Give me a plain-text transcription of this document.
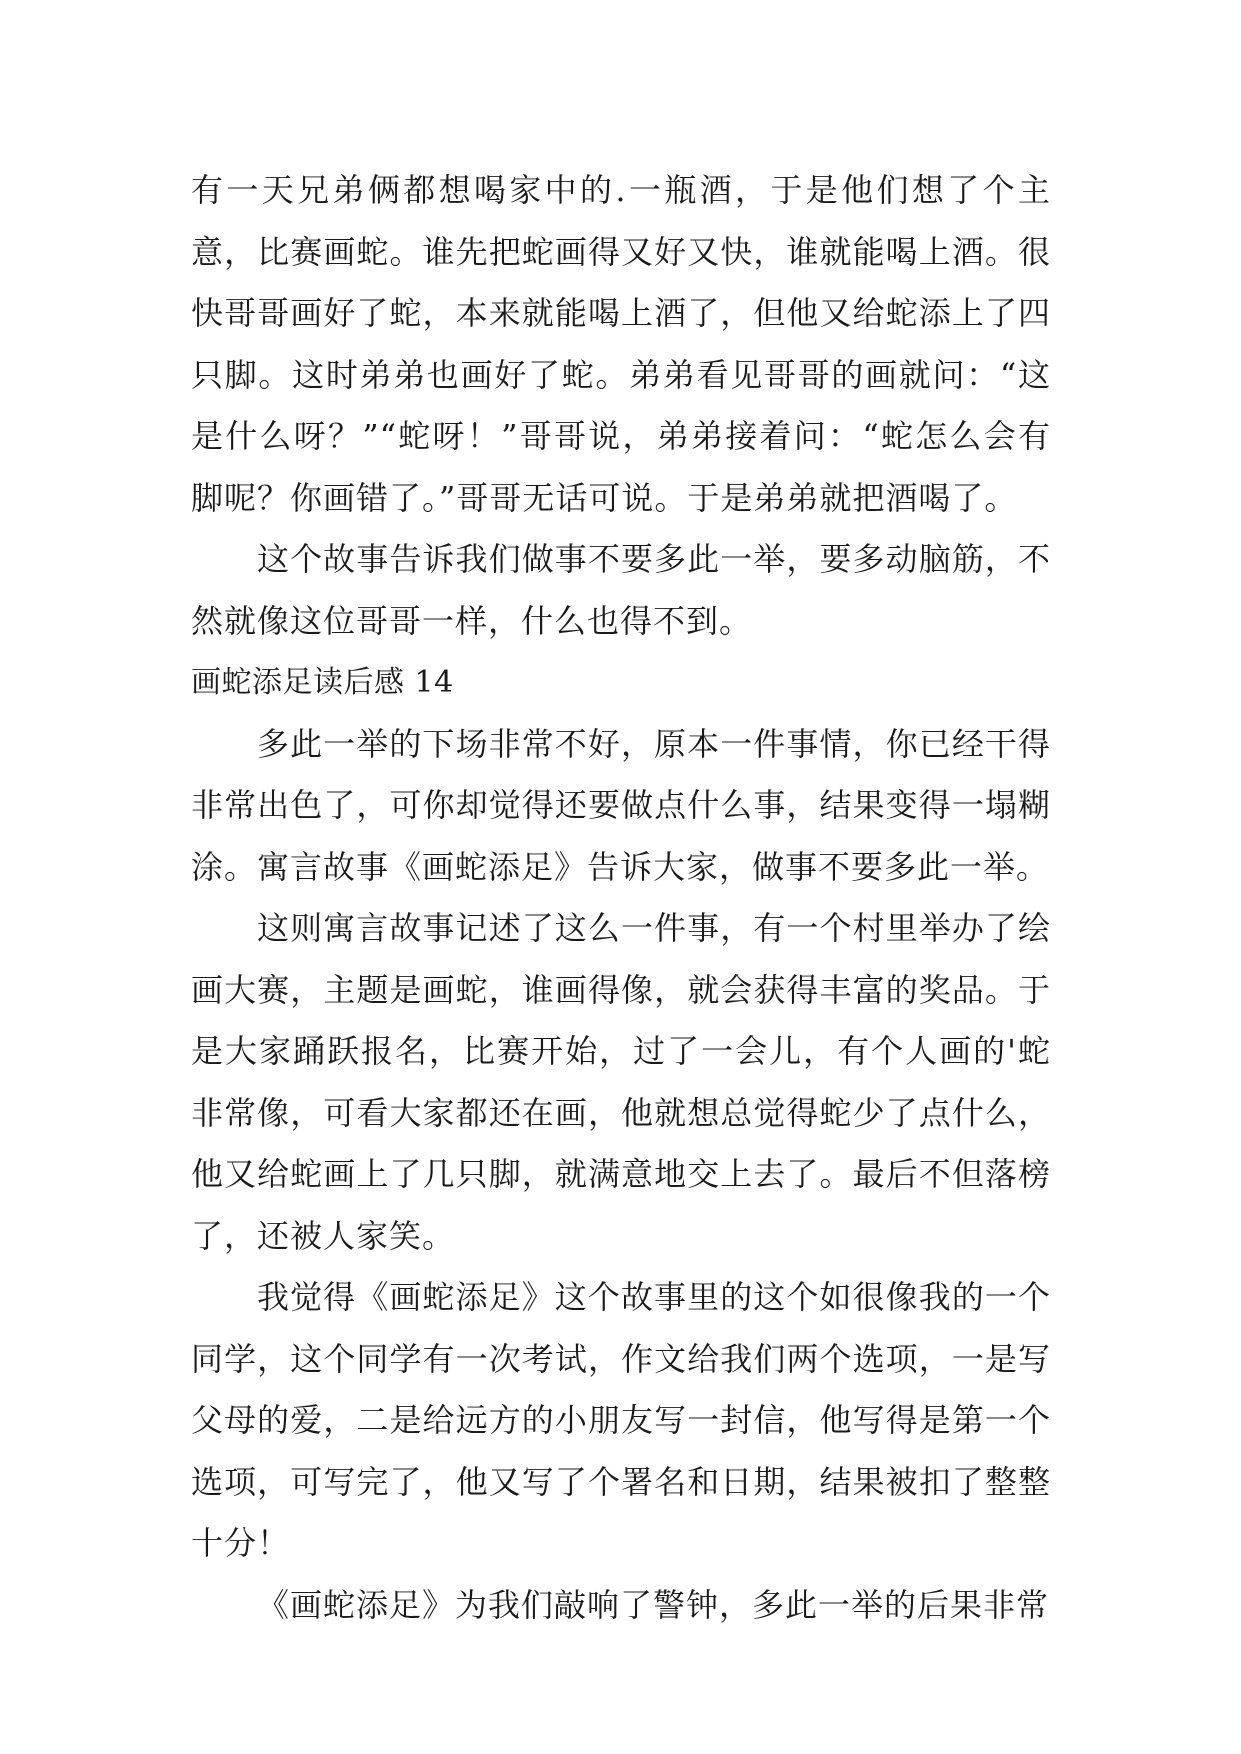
有一天兄弟俩都想喝家中的.一瓶酒，于是他们想了个主意，比赛画蛇。谁先把蛇画得又好又快，谁就能喝上酒。很快哥哥画好了蛇，本来就能喝上酒了，但他又给蛇添上了四只脚。这时弟弟也画好了蛇。弟弟看见哥哥的画就问：“这是什么呀？”“蛇呀！”哥哥说，弟弟接着问：“蛇怎么会有脚呢？你画错了。”哥哥无话可说。于是弟弟就把酒喝了。

这个故事告诉我们做事不要多此一举，要多动脑筋，不然就像这位哥哥一样，什么也得不到。

画蛇添足读后感 14

多此一举的下场非常不好，原本一件事情，你已经干得非常出色了，可你却觉得还要做点什么事，结果变得一塌糊涂。寓言故事《画蛇添足》告诉大家，做事不要多此一举。

这则寓言故事记述了这么一件事，有一个村里举办了绘画大赛，主题是画蛇，谁画得像，就会获得丰富的奖品。于是大家踊跃报名，比赛开始，过了一会儿，有个人画的'蛇非常像，可看大家都还在画，他就想总觉得蛇少了点什么，他又给蛇画上了几只脚，就满意地交上去了。最后不但落榜了，还被人家笑。

我觉得《画蛇添足》这个故事里的这个如很像我的一个同学，这个同学有一次考试，作文给我们两个选项，一是写父母的爱，二是给远方的小朋友写一封信，他写得是第一个选项，可写完了，他又写了个署名和日期，结果被扣了整整十分！

《画蛇添足》为我们敲响了警钟，多此一举的后果非常
